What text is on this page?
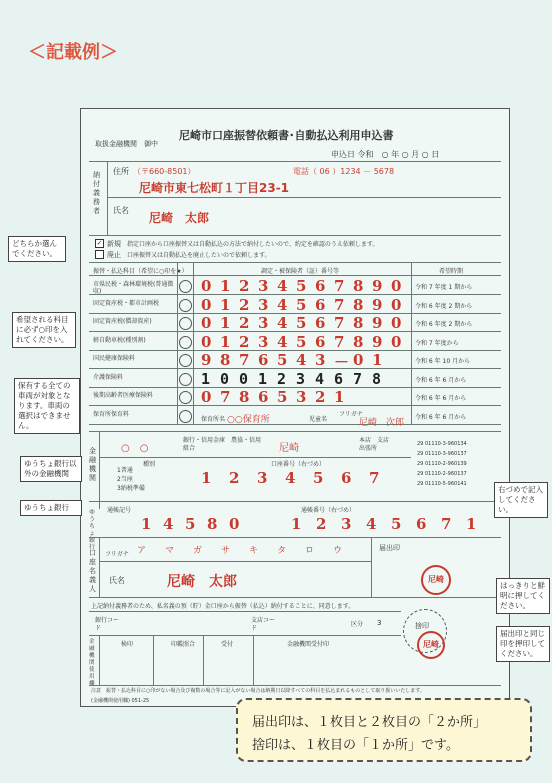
＜記載例＞
取扱金融機関　御中
尼崎市口座振替依頼書･自動払込利用申込書
申込日 令和　○ 年 ○ 月 ○ 日
納付義務者
住所 （〒660-8501）	電話（ 06 ）1234 － 5678
尼崎市東七松町１丁目23-1
氏名
尼崎　太郎
✓ 新規 指定口座から口座振替又は自動払込の方法で納付したいので、約定を確認のうえ依頼します。
廃止 口座振替又は自動払込を廃止したいので依頼します。
振替・払込科目（希望に○印を★）	調定・被保険者（証）番号等	希望時期
市県民税・森林環境税(普通徴収)	0 1 2 3 4 5 6 7 8 9 0 令和 7 年度 1 期から
固定資産税・都市計画税	0 1 2 3 4 5 6 7 8 9 0 令和 6 年度 2 期から
固定資産税(償却資産)	0 1 2 3 4 5 6 7 8 9 0 令和 6 年度 2 期から
軽自動車税(種別割)	0 1 2 3 4 5 6 7 8 9 0 令和 7 年度から
国民健康保険料	9 8 7 6 5 4 3 － 0 1	令和 6 年 10 月から
介護保険料	1 0 0 1 2 3 4 6 7 8	令和 6 年 6 月から
後期高齢者医療保険料	0 7 8 6 5 3 2 1	令和 6 年 6 月から
保育所保育料	令和 6 年 6 月から
保育所名 ○○保育所	児童名
フリガナ
尼崎　次郎
金融機関
○　○
銀行・信用金庫　農協・信用組合	尼崎
本店　支店　出張所
種別	口座番号（右づめ）
1普通
2当座
3納税準備
1 2 3 4 5 6 7
29 01110-3-960134
29 01110-3-960137
29 01110-2-960139
29 01110-2-960137
29 01110-5-960141
ゆうちょ銀行
通帳記号	通帳番号（右づめ）
1 4 5 8 0	1 2 3 4 5 6 7 1
口座名義人
フリガナ ア マ ガ サ キ タ ロ ウ	届出印
氏名	尼崎　太郎	尼崎
上記納付義務者のため、私名義の預（貯）金口座から振替（払込）納付することに、同意します。
銀行コード
支店コード
区分 3	捨印
尼崎
金融機関使用欄
検印	印鑑照合	受付	金融機関受付印
注意　振替・払込科目に○印がない場合及び複数の場合等に記入がない場合は納期日以降すべての科目を払込まれるものとして取り扱いいたします。
(金融機関使用欄) 051-25
どちらか選んでください。
希望される科目に必ず○印を入れてください。
保有する全ての車両が対象となります。車両の選択はできません。
ゆうちょ銀行以外の金融機関
ゆうちょ銀行
右づめで記入してください。
はっきりと鮮明に押してください。
届出印と同じ印を押印してください。
届出印は、１枚目と２枚目の「２か所」
捨印は、１枚目の「１か所」です。
